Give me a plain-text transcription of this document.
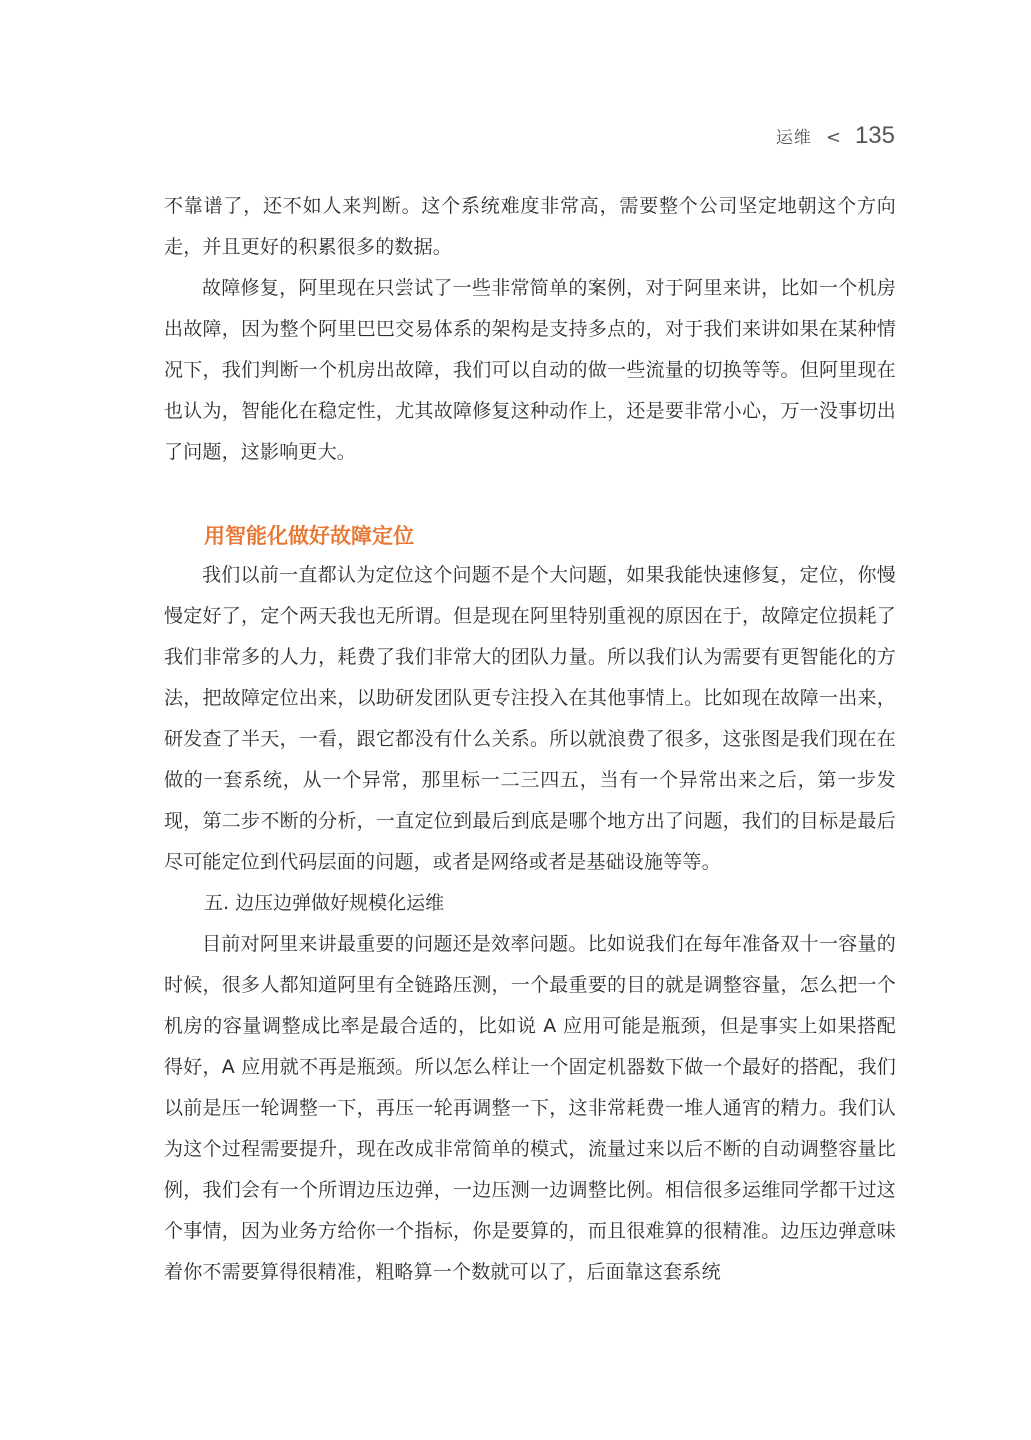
运维 < 135

不靠谱了，还不如人来判断。这个系统难度非常高，需要整个公司坚定地朝这个方向走，并且更好的积累很多的数据。

故障修复，阿里现在只尝试了一些非常简单的案例，对于阿里来讲，比如一个机房出故障，因为整个阿里巴巴交易体系的架构是支持多点的，对于我们来讲如果在某种情况下，我们判断一个机房出故障，我们可以自动的做一些流量的切换等等。但阿里现在也认为，智能化在稳定性，尤其故障修复这种动作上，还是要非常小心，万一没事切出了问题，这影响更大。

用智能化做好故障定位

我们以前一直都认为定位这个问题不是个大问题，如果我能快速修复，定位，你慢慢定好了，定个两天我也无所谓。但是现在阿里特别重视的原因在于，故障定位损耗了我们非常多的人力，耗费了我们非常大的团队力量。所以我们认为需要有更智能化的方法，把故障定位出来，以助研发团队更专注投入在其他事情上。比如现在故障一出来，研发查了半天，一看，跟它都没有什么关系。所以就浪费了很多，这张图是我们现在在做的一套系统，从一个异常，那里标一二三四五，当有一个异常出来之后，第一步发现，第二步不断的分析，一直定位到最后到底是哪个地方出了问题，我们的目标是最后尽可能定位到代码层面的问题，或者是网络或者是基础设施等等。

五. 边压边弹做好规模化运维

目前对阿里来讲最重要的问题还是效率问题。比如说我们在每年准备双十一容量的时候，很多人都知道阿里有全链路压测，一个最重要的目的就是调整容量，怎么把一个机房的容量调整成比率是最合适的，比如说 A 应用可能是瓶颈，但是事实上如果搭配得好，A 应用就不再是瓶颈。所以怎么样让一个固定机器数下做一个最好的搭配，我们以前是压一轮调整一下，再压一轮再调整一下，这非常耗费一堆人通宵的精力。我们认为这个过程需要提升，现在改成非常简单的模式，流量过来以后不断的自动调整容量比例，我们会有一个所谓边压边弹，一边压测一边调整比例。相信很多运维同学都干过这个事情，因为业务方给你一个指标，你是要算的，而且很难算的很精准。边压边弹意味着你不需要算得很精准，粗略算一个数就可以了，后面靠这套系统
